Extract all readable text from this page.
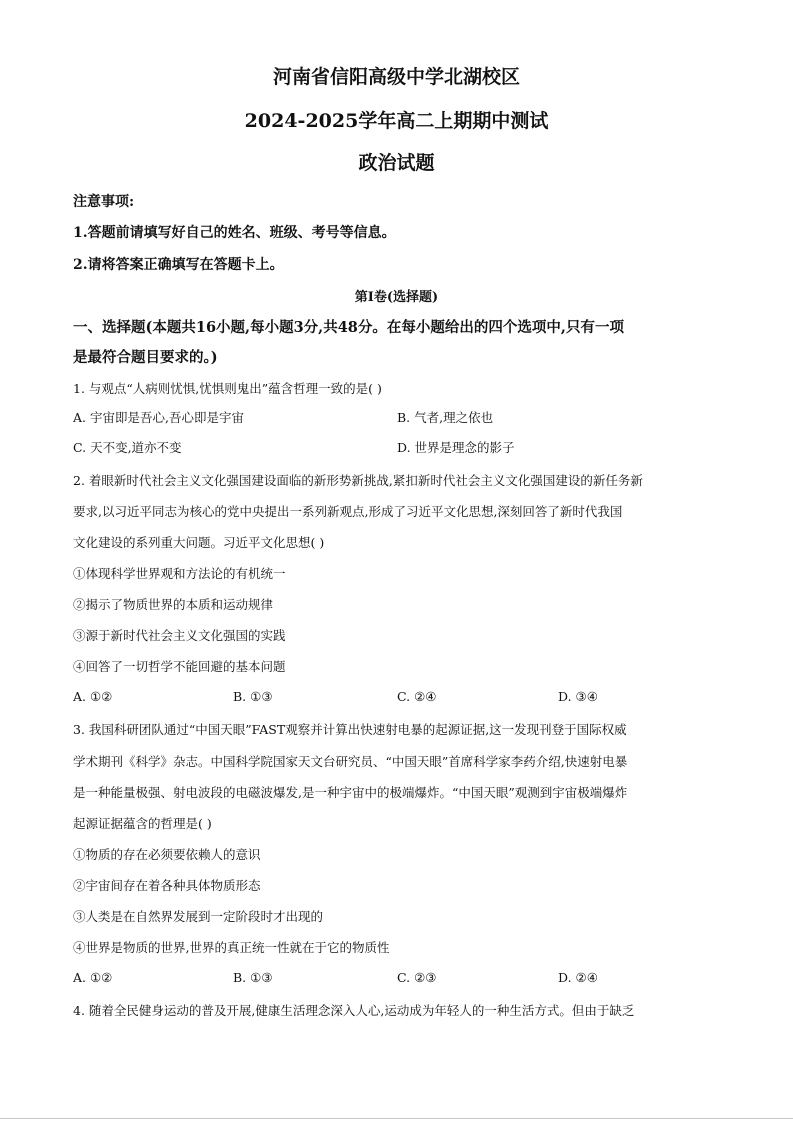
河南省信阳高级中学北湖校区
2024-2025学年高二上期期中测试
政治试题
注意事项:
1.答题前请填写好自己的姓名、班级、考号等信息。
2.请将答案正确填写在答题卡上。
第Ⅰ卷(选择题)
一、选择题(本题共16小题,每小题3分,共48分。在每小题给出的四个选项中,只有一项
是最符合题目要求的。)
1. 与观点“人病则忧惧,忧惧则鬼出”蕴含哲理一致的是( )
A. 宇宙即是吾心,吾心即是宇宙	B. 气者,理之依也
C. 天不变,道亦不变	D. 世界是理念的影子
2. 着眼新时代社会主义文化强国建设面临的新形势新挑战,紧扣新时代社会主义文化强国建设的新任务新
要求,以习近平同志为核心的党中央提出一系列新观点,形成了习近平文化思想,深刻回答了新时代我国
文化建设的系列重大问题。习近平文化思想( )
①体现科学世界观和方法论的有机统一
②揭示了物质世界的本质和运动规律
③源于新时代社会主义文化强国的实践
④回答了一切哲学不能回避的基本问题
A. ①②	B. ①③	C. ②④	D. ③④
3. 我国科研团队通过“中国天眼”FAST观察并计算出快速射电暴的起源证据,这一发现刊登于国际权威
学术期刊《科学》杂志。中国科学院国家天文台研究员、“中国天眼”首席科学家李药介绍,快速射电暴
是一种能量极强、射电波段的电磁波爆发,是一种宇宙中的极端爆炸。“中国天眼”观测到宇宙极端爆炸
起源证据蕴含的哲理是( )
①物质的存在必须要依赖人的意识
②宇宙间存在着各种具体物质形态
③人类是在自然界发展到一定阶段时才出现的
④世界是物质的世界,世界的真正统一性就在于它的物质性
A. ①②	B. ①③	C. ②③	D. ②④
4. 随着全民健身运动的普及开展,健康生活理念深入人心,运动成为年轻人的一种生活方式。但由于缺乏
